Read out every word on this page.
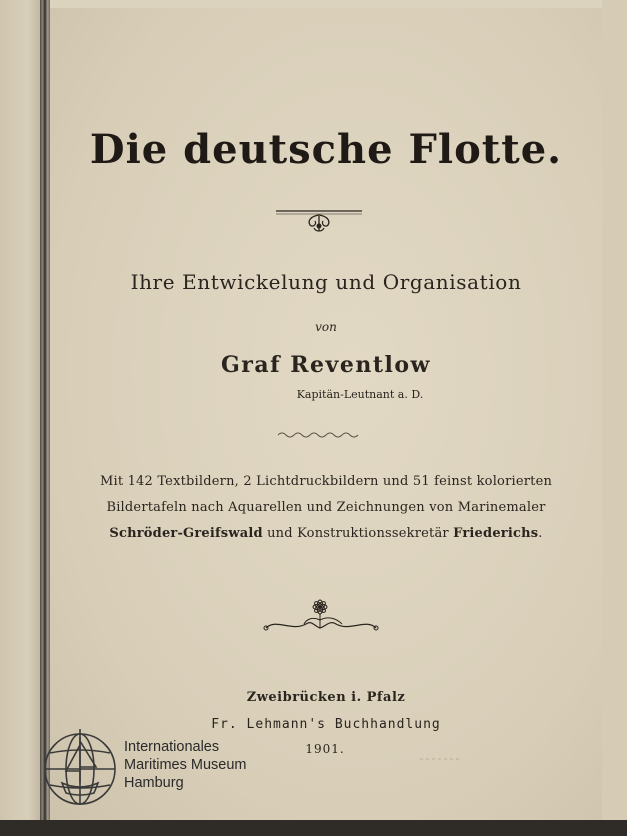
Die deutsche Flotte.

Ihre Entwickelung und Organisation

von

Graf Reventlow

Kapitän-Leutnant a. D.

Mit 142 Textbildern, 2 Lichtdruckbildern und 51 feinst kolorierten

Bildertafeln nach Aquarellen und Zeichnungen von Marinemaler

Schröder-Greifswald und Konstruktionssekretär Friederichs.

Zweibrücken i. Pfalz

Fr. Lehmann's Buchhandlung

1901.

Internationales
Maritimes Museum
Hamburg
